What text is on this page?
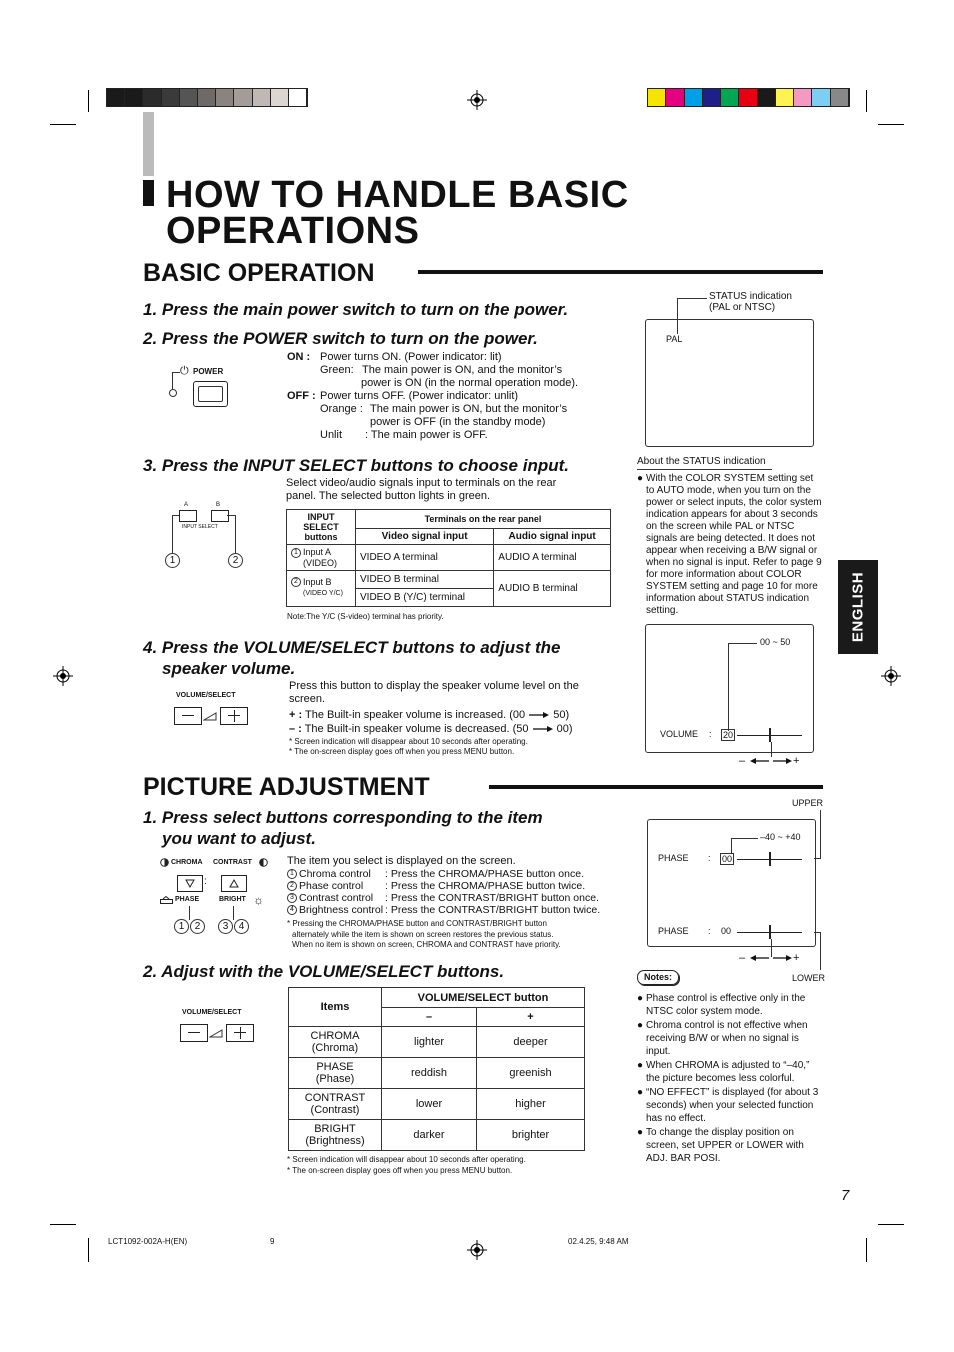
HOW TO HANDLE BASIC
OPERATIONS
BASIC OPERATION
ENGLISH
1. Press the main power switch to turn on the power.
2. Press the POWER switch to turn on the power.
⏻ POWER
ON : Power turns ON. (Power indicator: lit)
Green: The main power is ON, and the monitor’s
power is ON (in the normal operation mode).
OFF : Power turns OFF. (Power indicator: unlit)
Orange : The main power is ON, but the monitor’s
power is OFF (in the standby mode)
Unlit : The main power is OFF.
3. Press the INPUT SELECT buttons to choose input.
Select video/audio signals input to terminals on the rear
panel. The selected button lights in green.
A	B
INPUT SELECT
1	2
INPUT SELECT buttons	Terminals on the rear panel	
	Video signal input	Audio signal input
1 Input A
(VIDEO)	VIDEO A terminal	AUDIO A terminal
2 Input B
(VIDEO Y/C)	VIDEO B terminal	AUDIO B terminal
	VIDEO B (Y/C) terminal	
Note:The Y/C (S-video) terminal has priority.
4. Press the VOLUME/SELECT buttons to adjust the
speaker volume.
VOLUME/SELECT
Press this button to display the speaker volume level on the
screen.
+ : The Built-in speaker volume is increased. (00	50)
– : The Built-in speaker volume is decreased. (50	00)
* Screen indication will disappear about 10 seconds after operating.
* The on-screen display goes off when you press MENU button.
STATUS indication
(PAL or NTSC)
PAL
About the STATUS indication
● With the COLOR SYSTEM setting set to AUTO mode, when you turn on the power or select inputs, the color system indication appears for about 3 seconds on the screen while PAL or NTSC signals are being detected. It does not appear when receiving a B/W signal or when no signal is input. Refer to page 9 for more information about COLOR SYSTEM setting and page 10 for more information about STATUS indication setting.
00 ~ 50
VOLUME : 20
–	+
PICTURE ADJUSTMENT
1. Press select buttons corresponding to the item
you want to adjust.
CHROMA CONTRAST
:
PHASE	BRIGHT ☼
1	2	3	4
The item you select is displayed on the screen.
1 Chroma control : Press the CHROMA/PHASE button once.
2 Phase control : Press the CHROMA/PHASE button twice.
3 Contrast control : Press the CONTRAST/BRIGHT button once.
4 Brightness control : Press the CONTRAST/BRIGHT button twice.
* Pressing the CHROMA/PHASE button and CONTRAST/BRIGHT button
alternately while the item is shown on screen restores the previous status.
When no item is shown on screen, CHROMA and CONTRAST have priority.
2. Adjust with the VOLUME/SELECT buttons.
VOLUME/SELECT	Items	VOLUME/SELECT button	
	–	+
CHROMA
(Chroma)	lighter	deeper
PHASE
(Phase)	reddish	greenish
CONTRAST
(Contrast)	lower	higher
BRIGHT
(Brightness)	darker	brighter
* Screen indication will disappear about 10 seconds after operating.
* The on-screen display goes off when you press MENU button.
UPPER
–40 ~ +40
PHASE : 00
PHASE : 00
–	+
LOWER
Notes:
● Phase control is effective only in the NTSC color system mode.
● Chroma control is not effective when receiving B/W or when no signal is input.
● When CHROMA is adjusted to “–40,” the picture becomes less colorful.
● “NO EFFECT” is displayed (for about 3 seconds) when your selected function has no effect.
● To change the display position on screen, set UPPER or LOWER with ADJ. BAR POSI.
7
LCT1092-002A-H(EN)	9	02.4.25, 9:48 AM
